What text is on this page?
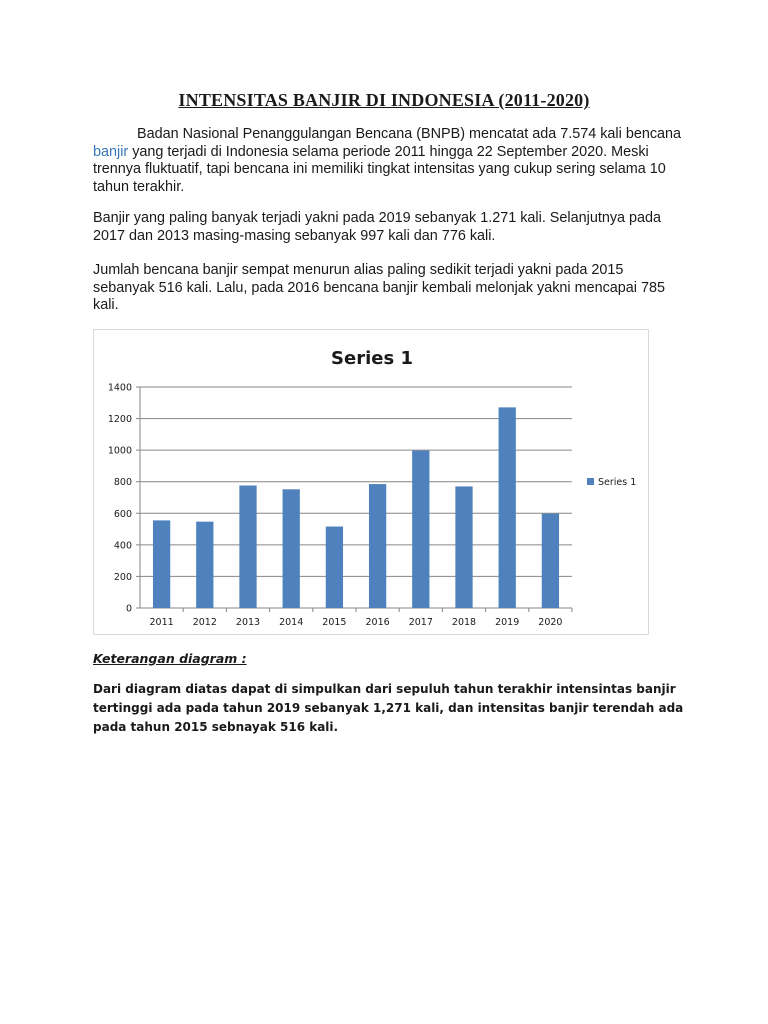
INTENSITAS BANJIR DI INDONESIA (2011-2020)

Badan Nasional Penanggulangan Bencana (BNPB) mencatat ada 7.574 kali bencana banjir yang terjadi di Indonesia selama periode 2011 hingga 22 September 2020. Meski trennya fluktuatif, tapi bencana ini memiliki tingkat intensitas yang cukup sering selama 10 tahun terakhir.

Banjir yang paling banyak terjadi yakni pada 2019 sebanyak 1.271 kali. Selanjutnya pada 2017 dan 2013 masing-masing sebanyak 997 kali dan 776 kali.

Jumlah bencana banjir sempat menurun alias paling sedikit terjadi yakni pada 2015 sebanyak 516 kali. Lalu, pada 2016 bencana banjir kembali melonjak yakni mencapai 785 kali.

Series 1
0
200
400
600
800
1000
1200
1400
2011 2012 2013 2014 2015 2016 2017 2018 2019 2020
Series 1
Keterangan diagram :

Dari diagram diatas dapat di simpulkan dari sepuluh tahun terakhir intensintas banjir tertinggi ada pada tahun 2019 sebanyak 1,271 kali, dan intensitas banjir terendah ada pada tahun 2015 sebnayak 516 kali.
